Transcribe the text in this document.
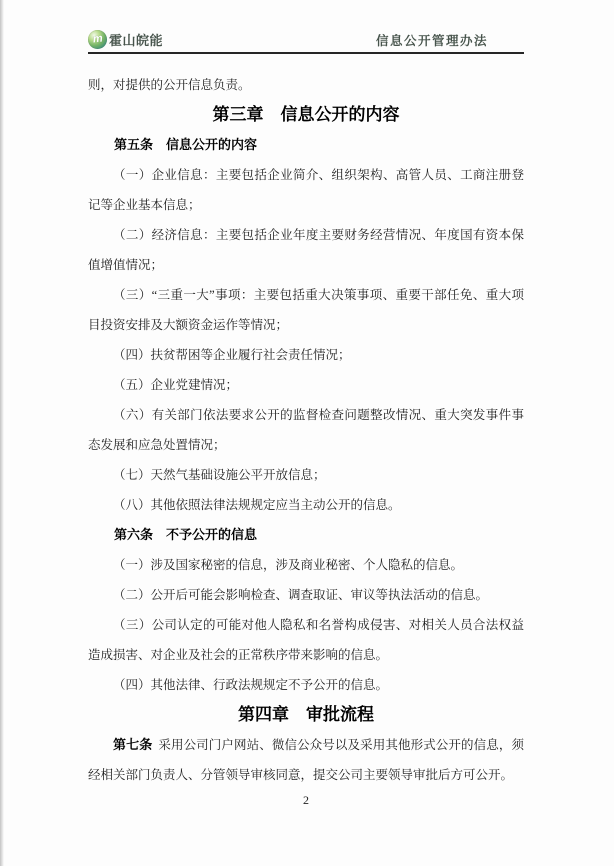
m 霍山皖能	信息公开管理办法

则，对提供的公开信息负责。

第三章　信息公开的内容

第五条　信息公开的内容

（一）企业信息：主要包括企业简介、组织架构、高管人员、工商注册登记等企业基本信息；

（二）经济信息：主要包括企业年度主要财务经营情况、年度国有资本保值增值情况；

（三）“三重一大”事项：主要包括重大决策事项、重要干部任免、重大项目投资安排及大额资金运作等情况；

（四）扶贫帮困等企业履行社会责任情况；

（五）企业党建情况；

（六）有关部门依法要求公开的监督检查问题整改情况、重大突发事件事态发展和应急处置情况；

（七）天然气基础设施公平开放信息；

（八）其他依照法律法规规定应当主动公开的信息。

第六条　不予公开的信息

（一）涉及国家秘密的信息，涉及商业秘密、个人隐私的信息。

（二）公开后可能会影响检查、调查取证、审议等执法活动的信息。

（三）公司认定的可能对他人隐私和名誉构成侵害、对相关人员合法权益造成损害、对企业及社会的正常秩序带来影响的信息。

（四）其他法律、行政法规规定不予公开的信息。

第四章　审批流程

第七条 采用公司门户网站、微信公众号以及采用其他形式公开的信息，须经相关部门负责人、分管领导审核同意，提交公司主要领导审批后方可公开。

2
